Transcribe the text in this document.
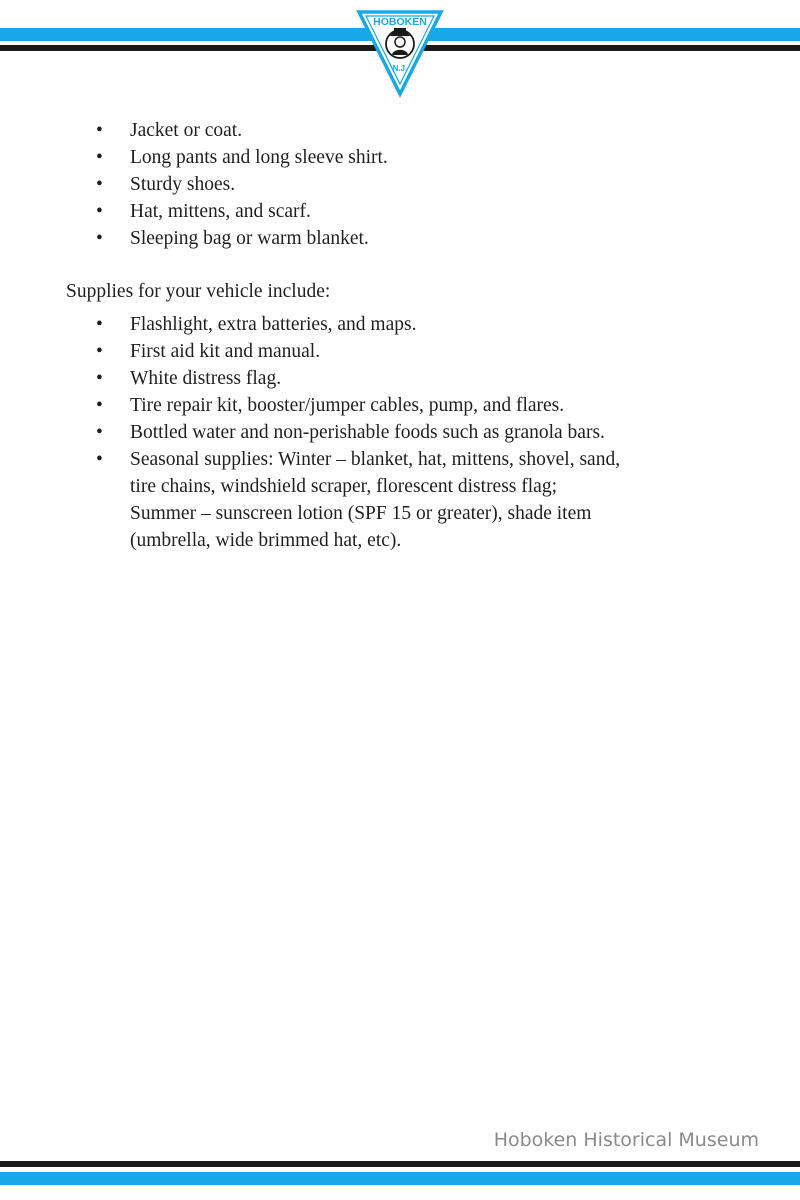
HOBOKEN
N.J.
• Jacket or coat.
• Long pants and long sleeve shirt.
• Sturdy shoes.
• Hat, mittens, and scarf.
• Sleeping bag or warm blanket.
Supplies for your vehicle include:
• Flashlight, extra batteries, and maps.
• First aid kit and manual.
• White distress flag.
• Tire repair kit, booster/jumper cables, pump, and flares.
• Bottled water and non-perishable foods such as granola bars.
• Seasonal supplies: Winter – blanket, hat, mittens, shovel, sand,
tire chains, windshield scraper, florescent distress flag;
Summer – sunscreen lotion (SPF 15 or greater), shade item
(umbrella, wide brimmed hat, etc).
Hoboken Historical Museum
